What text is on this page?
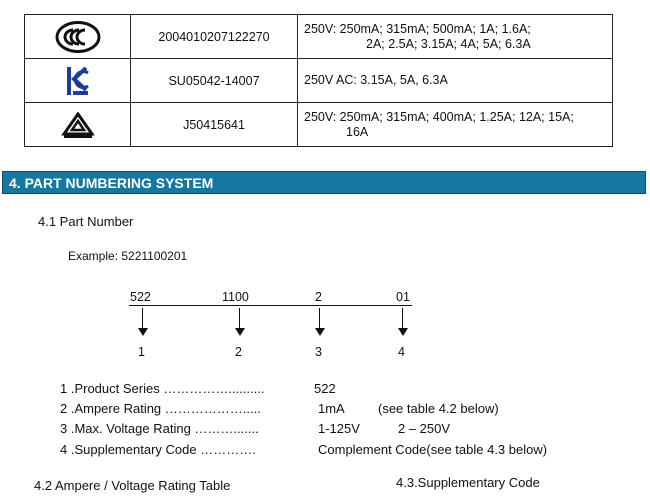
	2004010207122270	250V: 250mA; 315mA; 500mA; 1A; 1.6A;
2A; 2.5A; 3.15A; 4A; 5A; 6.3A

	SU05042-14007	250V AC: 3.15A, 5A, 6.3A

	J50415641	250V: 250mA; 315mA; 400mA; 1.25A; 12A; 15A;
16A
4. PART NUMBERING SYSTEM
4.1 Part Number
Example: 5221100201
522	1100	2	01
1	2	3	4
1 .Product Series ……………..........	522
2 .Ampere Rating ……………….....	1mA	(see table 4.2 below)
3 .Max. Voltage Rating ……….......	1-125V	2 – 250V
4 .Supplementary Code ………….	Complement Code(see table 4.3 below)
4.2 Ampere / Voltage Rating Table	4.3.Supplementary Code
